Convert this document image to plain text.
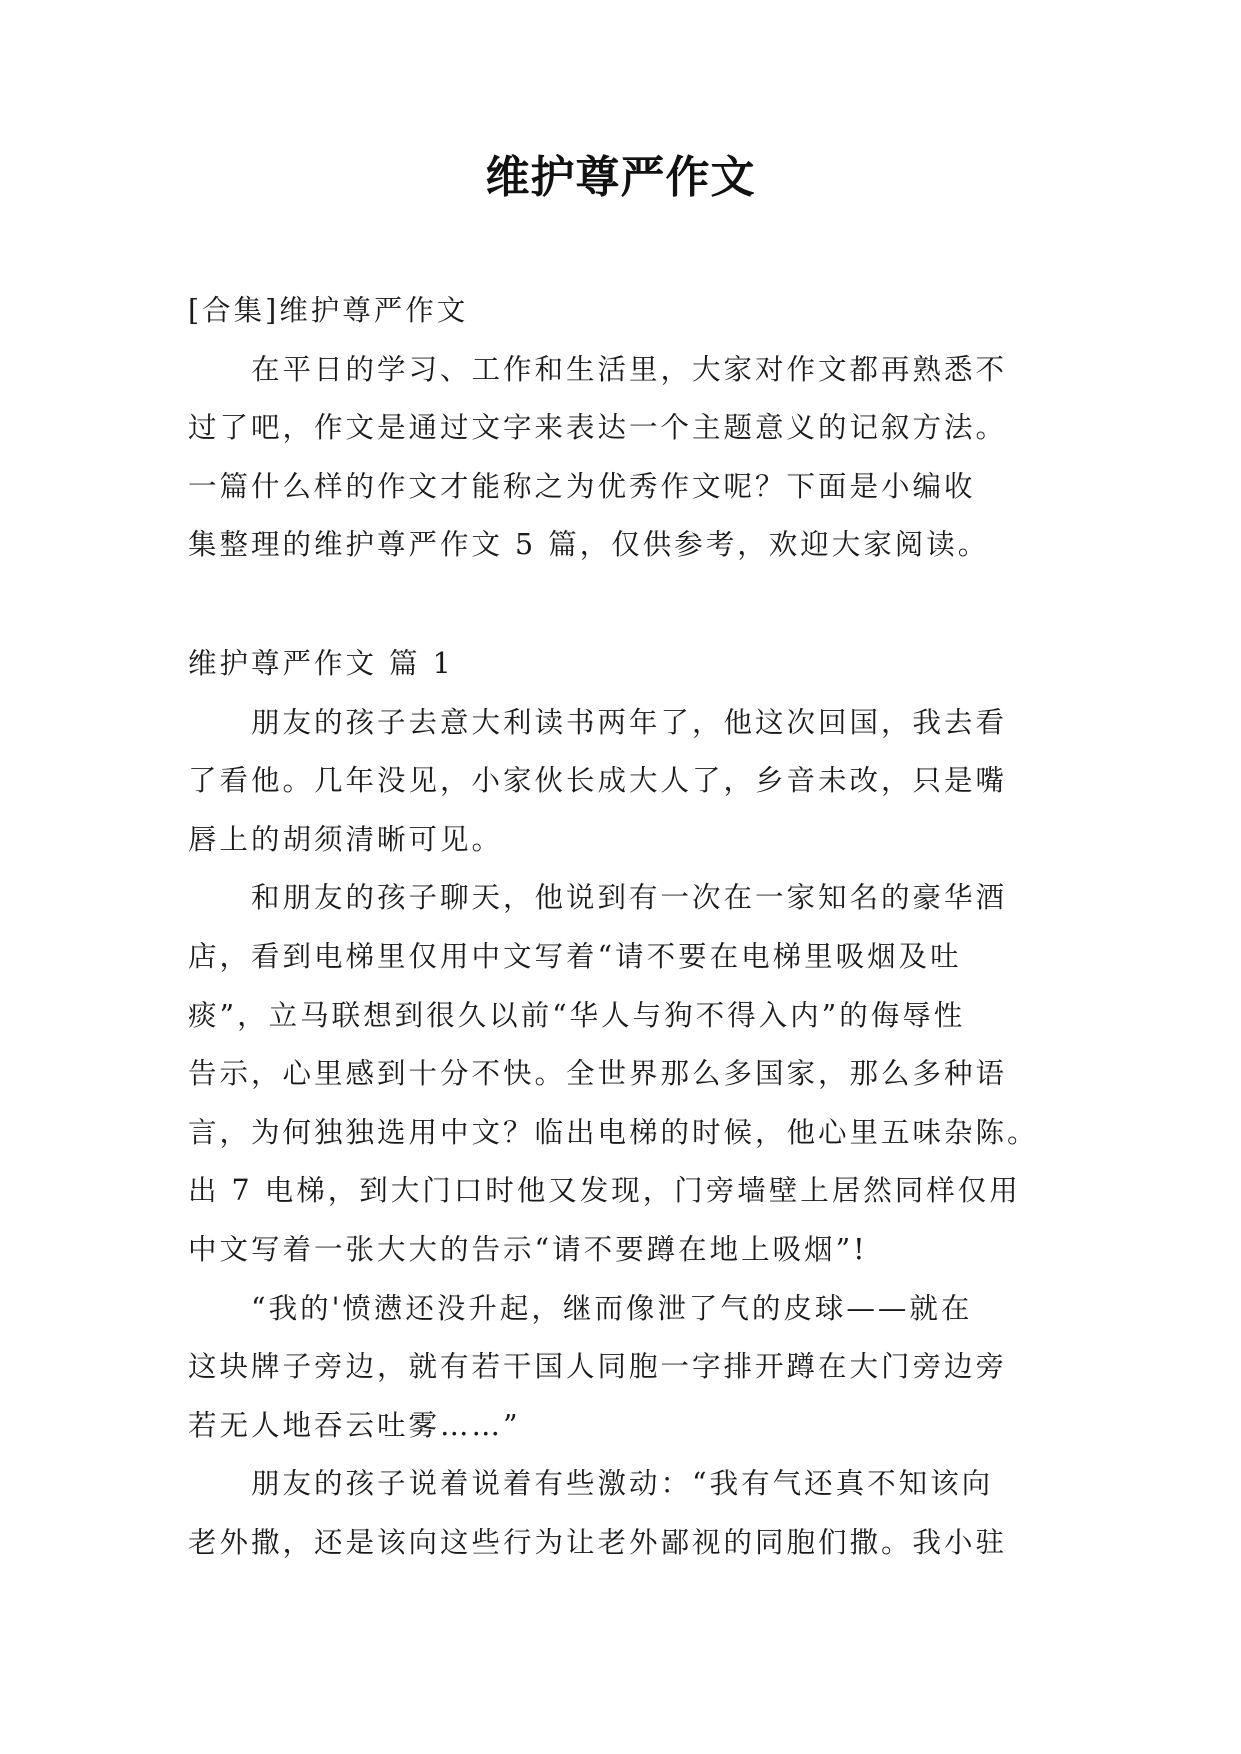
维护尊严作文

[合集]维护尊严作文

　　在平日的学习、工作和生活里，大家对作文都再熟悉不

过了吧，作文是通过文字来表达一个主题意义的记叙方法。

一篇什么样的作文才能称之为优秀作文呢？下面是小编收

集整理的维护尊严作文 5 篇，仅供参考，欢迎大家阅读。

维护尊严作文 篇 1

　　朋友的孩子去意大利读书两年了，他这次回国，我去看

了看他。几年没见，小家伙长成大人了，乡音未改，只是嘴

唇上的胡须清晰可见。

　　和朋友的孩子聊天，他说到有一次在一家知名的豪华酒

店，看到电梯里仅用中文写着“请不要在电梯里吸烟及吐

痰”，立马联想到很久以前“华人与狗不得入内”的侮辱性

告示，心里感到十分不快。全世界那么多国家，那么多种语

言，为何独独选用中文？临出电梯的时候，他心里五味杂陈。

出 7 电梯，到大门口时他又发现，门旁墙壁上居然同样仅用

中文写着一张大大的告示“请不要蹲在地上吸烟”!

　　“我的'愤懑还没升起，继而像泄了气的皮球——就在

这块牌子旁边，就有若干国人同胞一字排开蹲在大门旁边旁

若无人地吞云吐雾……”

　　朋友的孩子说着说着有些激动：“我有气还真不知该向

老外撒，还是该向这些行为让老外鄙视的同胞们撒。我小驻
